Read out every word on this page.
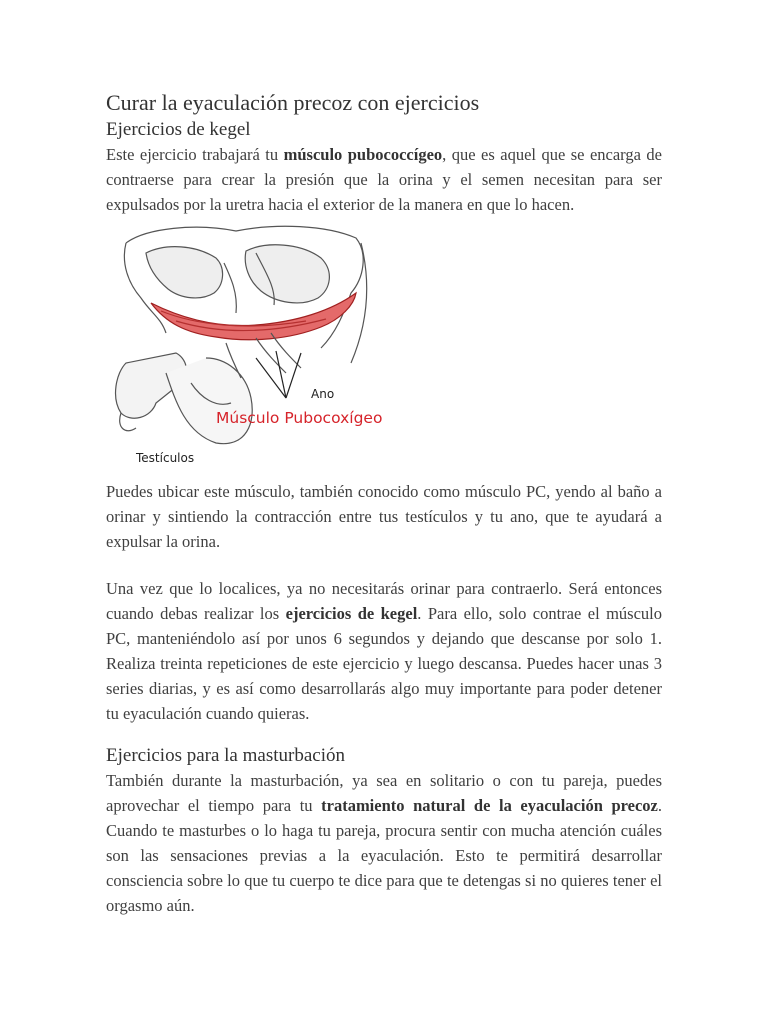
Curar la eyaculación precoz con ejercicios
Ejercicios de kegel

Este ejercicio trabajará tu músculo pubococcígeo, que es aquel que se encarga de contraerse para crear la presión que la orina y el semen necesitan para ser expulsados por la uretra hacia el exterior de la manera en que lo hacen.

Ano
Músculo Pubocoxígeo
Testículos

Puedes ubicar este músculo, también conocido como músculo PC, yendo al baño a orinar y sintiendo la contracción entre tus testículos y tu ano, que te ayudará a expulsar la orina.

Una vez que lo localices, ya no necesitarás orinar para contraerlo. Será entonces cuando debas realizar los ejercicios de kegel. Para ello, solo contrae el músculo PC, manteniéndolo así por unos 6 segundos y dejando que descanse por solo 1. Realiza treinta repeticiones de este ejercicio y luego descansa. Puedes hacer unas 3 series diarias, y es así como desarrollarás algo muy importante para poder detener tu eyaculación cuando quieras.

Ejercicios para la masturbación

También durante la masturbación, ya sea en solitario o con tu pareja, puedes aprovechar el tiempo para tu tratamiento natural de la eyaculación precoz. Cuando te masturbes o lo haga tu pareja, procura sentir con mucha atención cuáles son las sensaciones previas a la eyaculación. Esto te permitirá desarrollar consciencia sobre lo que tu cuerpo te dice para que te detengas si no quieres tener el orgasmo aún.
